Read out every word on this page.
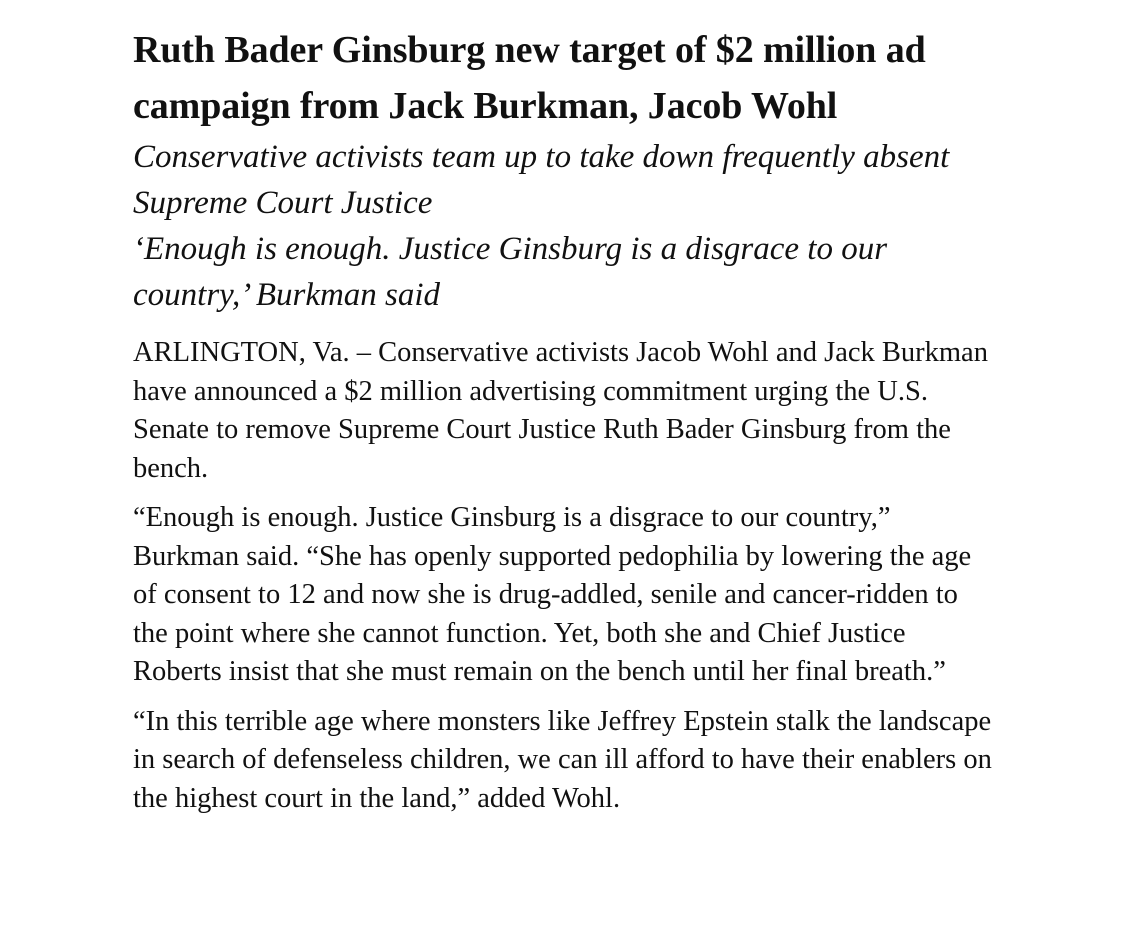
Ruth Bader Ginsburg new target of $2 million ad campaign from Jack Burkman, Jacob Wohl

Conservative activists team up to take down frequently absent Supreme Court Justice

‘Enough is enough. Justice Ginsburg is a disgrace to our country,’ Burkman said

ARLINGTON, Va. – Conservative activists Jacob Wohl and Jack Burkman have announced a $2 million advertising commitment urging the U.S. Senate to remove Supreme Court Justice Ruth Bader Ginsburg from the bench.

“Enough is enough. Justice Ginsburg is a disgrace to our country,” Burkman said. “She has openly supported pedophilia by lowering the age of consent to 12 and now she is drug-addled, senile and cancer-ridden to the point where she cannot function. Yet, both she and Chief Justice Roberts insist that she must remain on the bench until her final breath.”

“In this terrible age where monsters like Jeffrey Epstein stalk the landscape in search of defenseless children, we can ill afford to have their enablers on the highest court in the land,” added Wohl.
